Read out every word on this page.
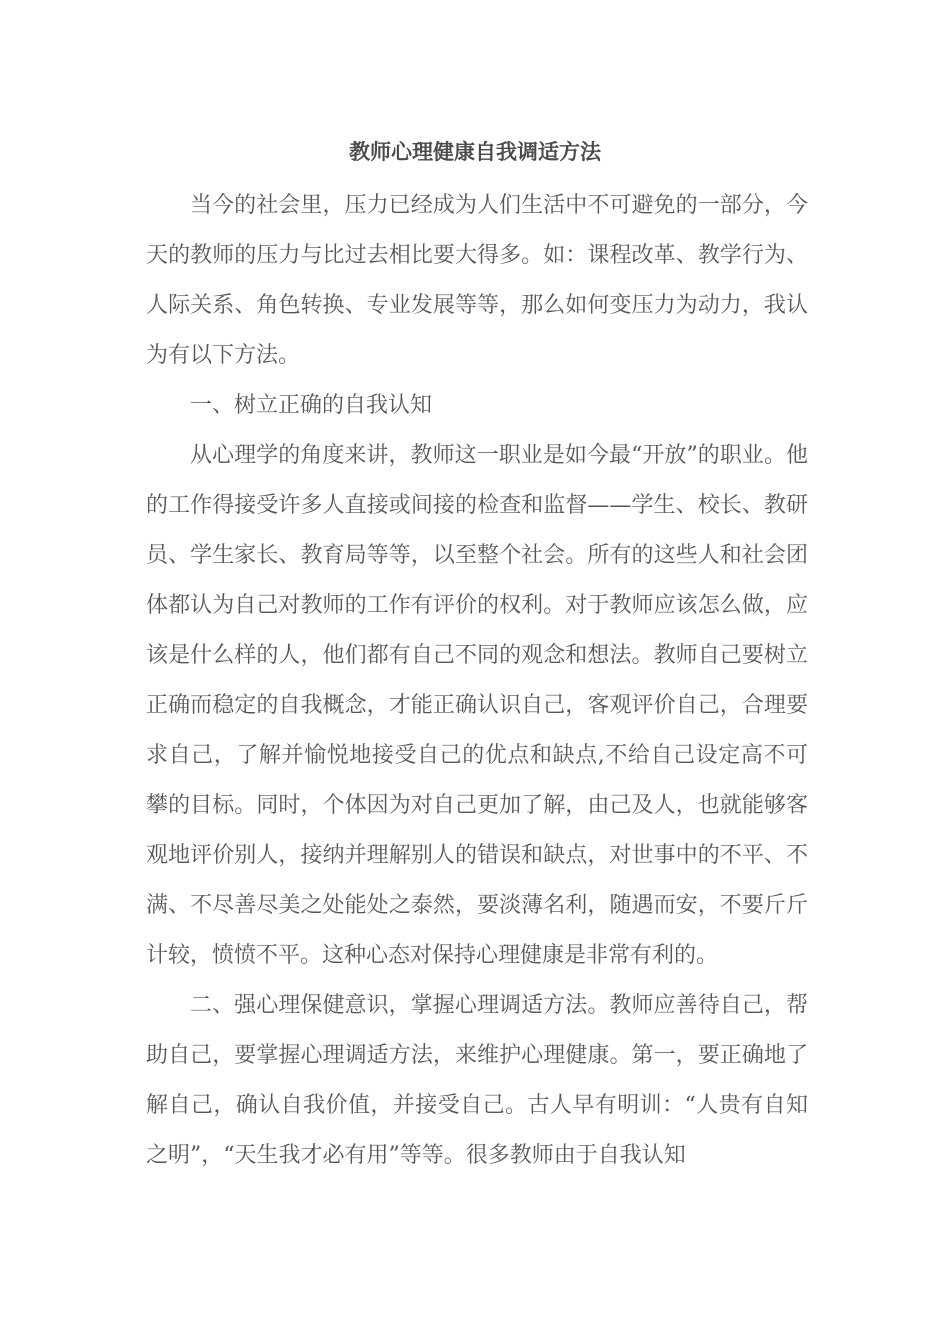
教师心理健康自我调适方法

当今的社会里，压力已经成为人们生活中不可避免的一部分，今天的教师的压力与比过去相比要大得多。如：课程改革、教学行为、人际关系、角色转换、专业发展等等，那么如何变压力为动力，我认为有以下方法。

一、树立正确的自我认知

从心理学的角度来讲，教师这一职业是如今最“开放”的职业。他的工作得接受许多人直接或间接的检查和监督——学生、校长、教研员、学生家长、教育局等等，以至整个社会。所有的这些人和社会团体都认为自己对教师的工作有评价的权利。对于教师应该怎么做，应该是什么样的人，他们都有自己不同的观念和想法。教师自己要树立正确而稳定的自我概念，才能正确认识自己，客观评价自己，合理要求自己，了解并愉悦地接受自己的优点和缺点,不给自己设定高不可攀的目标。同时，个体因为对自己更加了解，由己及人，也就能够客观地评价别人，接纳并理解别人的错误和缺点，对世事中的不平、不满、不尽善尽美之处能处之泰然，要淡薄名利，随遇而安，不要斤斤计较，愤愤不平。这种心态对保持心理健康是非常有利的。

二、强心理保健意识，掌握心理调适方法。教师应善待自己，帮助自己，要掌握心理调适方法，来维护心理健康。第一，要正确地了解自己，确认自我价值，并接受自己。古人早有明训：“人贵有自知之明”，“天生我才必有用”等等。很多教师由于自我认知
